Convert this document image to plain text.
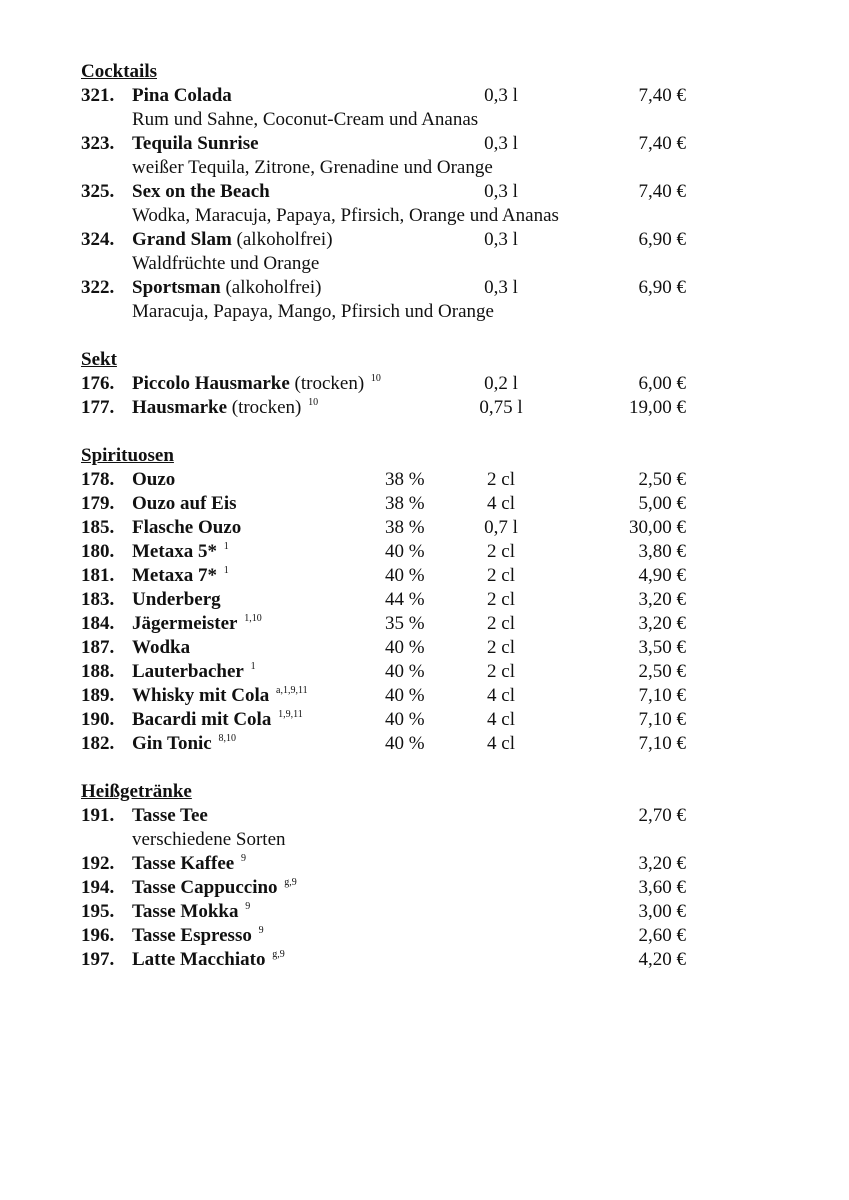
Cocktails
321. Pina Colada	0,3 l	7,40 €
Rum und Sahne, Coconut-Cream und Ananas
323. Tequila Sunrise	0,3 l	7,40 €
weißer Tequila, Zitrone, Grenadine und Orange
325. Sex on the Beach	0,3 l	7,40 €
Wodka, Maracuja, Papaya, Pfirsich, Orange und Ananas
324. Grand Slam (alkoholfrei)	0,3 l	6,90 €
Waldfrüchte und Orange
322. Sportsman (alkoholfrei)	0,3 l	6,90 €
Maracuja, Papaya, Mango, Pfirsich und Orange
Sekt
176. Piccolo Hausmarke (trocken) $^{10}$	0,2 l	6,00 €
177. Hausmarke (trocken) $^{10}$	0,75 l	19,00 €
Spirituosen
178. Ouzo	38 %	2 cl	2,50 €
179. Ouzo auf Eis	38 %	4 cl	5,00 €
185. Flasche Ouzo	38 %	0,7 l	30,00 €
180. Metaxa 5* $^1$	40 %	2 cl	3,80 €
181. Metaxa 7* $^1$	40 %	2 cl	4,90 €
183. Underberg	44 %	2 cl	3,20 €
184. Jägermeister $^{1,10}$	35 %	2 cl	3,20 €
187. Wodka	40 %	2 cl	3,50 €
188. Lauterbacher $^1$	40 %	2 cl	2,50 €
189. Whisky mit Cola $^{a,1,9,11}$	40 %	4 cl	7,10 €
190. Bacardi mit Cola $^{1,9,11}$	40 %	4 cl	7,10 €
182. Gin Tonic $^{8,10}$	40 %	4 cl	7,10 €
Heißgetränke
191. Tasse Tee	2,70 €
verschiedene Sorten
192. Tasse Kaffee $^9$	3,20 €
194. Tasse Cappuccino $^{g,9}$	3,60 €
195. Tasse Mokka $^9$	3,00 €
196. Tasse Espresso $^9$	2,60 €
197. Latte Macchiato $^{g,9}$	4,20 €
